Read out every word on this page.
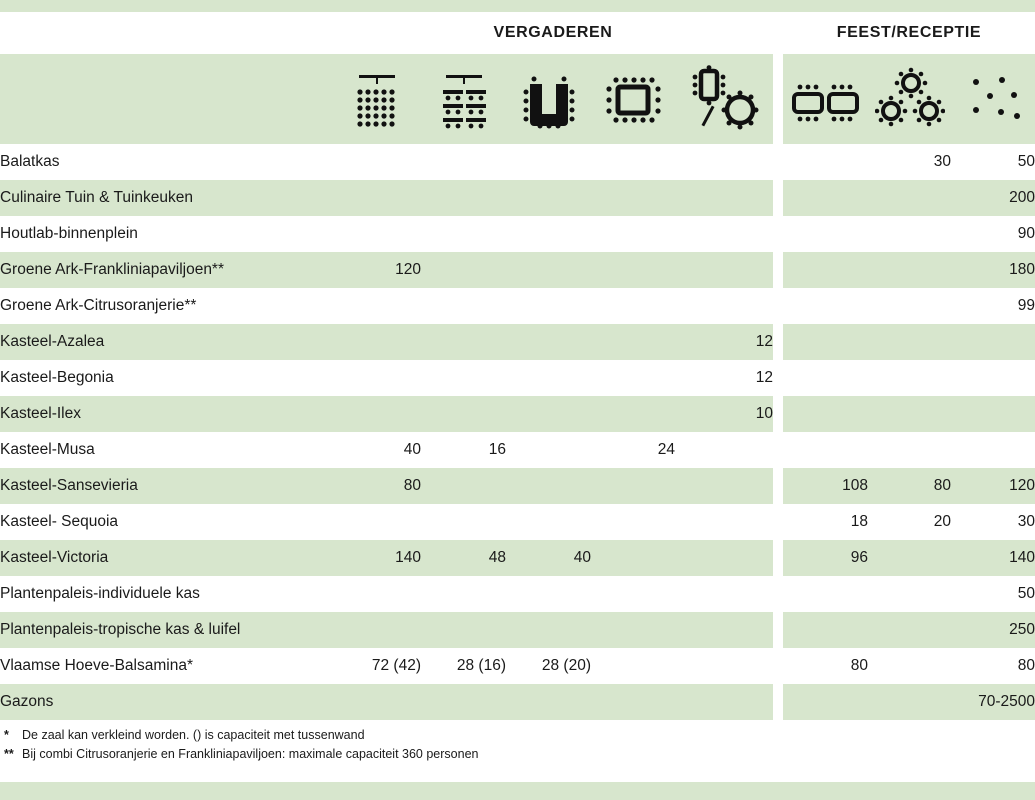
	VERGADEREN						FEEST/RECEPTIE		

Balatkas								30	50
Culinaire Tuin & Tuinkeuken									200
Houtlab-binnenplein									90
Groene Ark-Frankliniapaviljoen**	120								180
Groene Ark-Citrusoranjerie**									99
Kasteel-Azalea					12				
Kasteel-Begonia					12				
Kasteel-Ilex					10				
Kasteel-Musa	40	16		24					
Kasteel-Sansevieria	80						108	80	120
Kasteel- Sequoia							18	20	30
Kasteel-Victoria	140	48	40				96		140
Plantenpaleis-individuele kas									50
Plantenpaleis-tropische kas & luifel									250
Vlaamse Hoeve-Balsamina*	72 (42)	28 (16)	28 (20)				80		80
Gazons									70-2500
* De zaal kan verkleind worden. () is capaciteit met tussenwand
** Bij combi Citrusoranjerie en Frankliniapaviljoen: maximale capaciteit 360 personen
